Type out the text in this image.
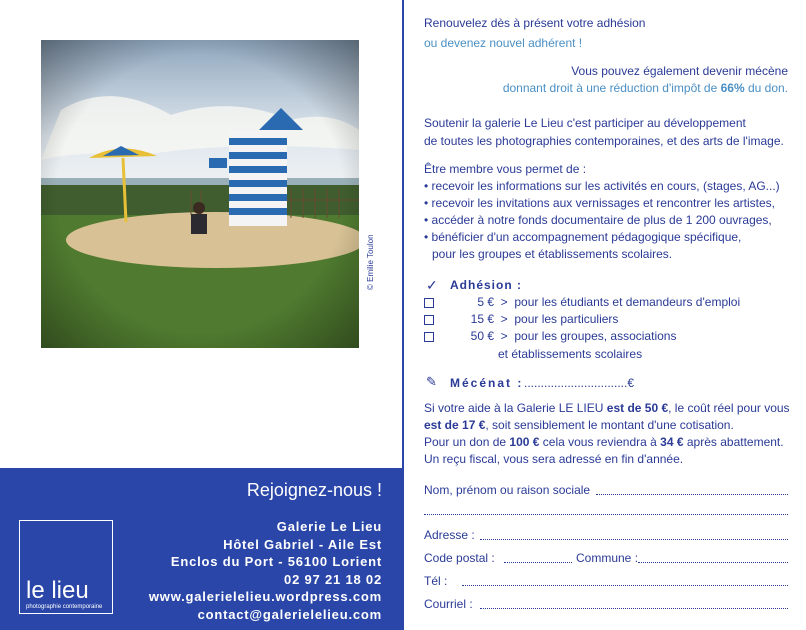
© Emilie Toulon
Rejoignez-nous !
le lieu
photographie contemporaine
Galerie Le Lieu
Hôtel Gabriel - Aile Est
Enclos du Port - 56100 Lorient
02 97 21 18 02
www.galerielelieu.wordpress.com
contact@galerielelieu.com
Renouvelez dès à présent votre adhésion
ou devenez nouvel adhérent !
Vous pouvez également devenir mécène
donnant droit à une réduction d'impôt de 66% du don.
Soutenir la galerie Le Lieu c'est participer au développement
de toutes les photographies contemporaines, et des arts de l'image.
Être membre vous permet de :
• recevoir les informations sur les activités en cours, (stages, AG...)
• recevoir les invitations aux vernissages et rencontrer les artistes,
• accéder à notre fonds documentaire de plus de 1 200 ouvrages,
• bénéficier d'un accompagnement pédagogique spécifique,
pour les groupes et établissements scolaires.
✓ Adhésion :
5 € > pour les étudiants et demandeurs d'emploi
15 € > pour les particuliers
50 € > pour les groupes, associations
et établissements scolaires
✎ Mécénat : ...............................€
Si votre aide à la Galerie LE LIEU est de 50 €, le coût réel pour vous
est de 17 €, soit sensiblement le montant d'une cotisation.
Pour un don de 100 € cela vous reviendra à 34 € après abattement.
Un reçu fiscal, vous sera adressé en fin d'année.
Nom, prénom ou raison sociale
Adresse :
Code postal :	Commune :
Tél :
Courriel :
